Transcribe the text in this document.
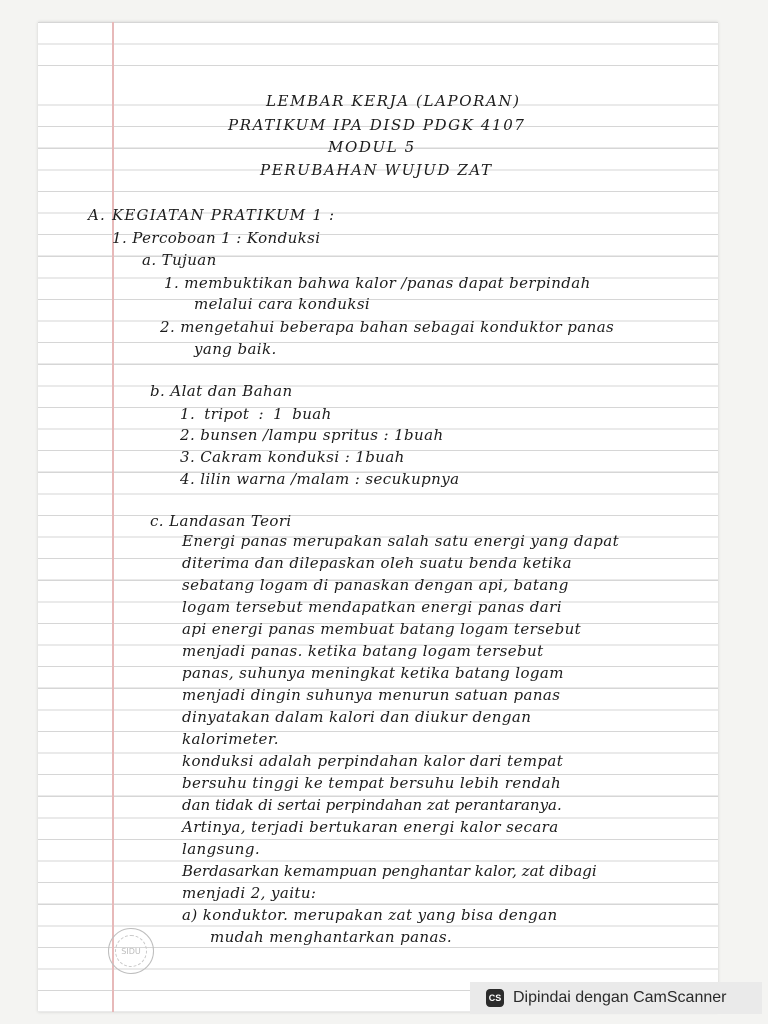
LEMBAR KERJA (LAPORAN)
PRATIKUM IPA DISD PDGK 4107
MODUL 5
PERUBAHAN WUJUD ZAT
A. KEGIATAN PRATIKUM 1 :
1. Percoboan 1 : Konduksi
a. Tujuan
1. membuktikan bahwa kalor /panas dapat berpindah
melalui cara konduksi
2. mengetahui beberapa bahan sebagai konduktor panas
yang baik.
b. Alat dan Bahan
1. tripot : 1 buah
2. bunsen /lampu spritus : 1buah
3. Cakram konduksi : 1buah
4. lilin warna /malam : secukupnya
c. Landasan Teori
Energi panas merupakan salah satu energi yang dapat
diterima dan dilepaskan oleh suatu benda ketika
sebatang logam di panaskan dengan api, batang
logam tersebut mendapatkan energi panas dari
api energi panas membuat batang logam tersebut
menjadi panas. ketika batang logam tersebut
panas, suhunya meningkat ketika batang logam
menjadi dingin suhunya menurun satuan panas
dinyatakan dalam kalori dan diukur dengan
kalorimeter.
konduksi adalah perpindahan kalor dari tempat
bersuhu tinggi ke tempat bersuhu lebih rendah
dan tidak di sertai perpindahan zat perantaranya.
Artinya, terjadi bertukaran energi kalor secara
langsung.
Berdasarkan kemampuan penghantar kalor, zat dibagi
menjadi 2, yaitu:
a) konduktor. merupakan zat yang bisa dengan
mudah menghantarkan panas.
SIDU
CS Dipindai dengan CamScanner
